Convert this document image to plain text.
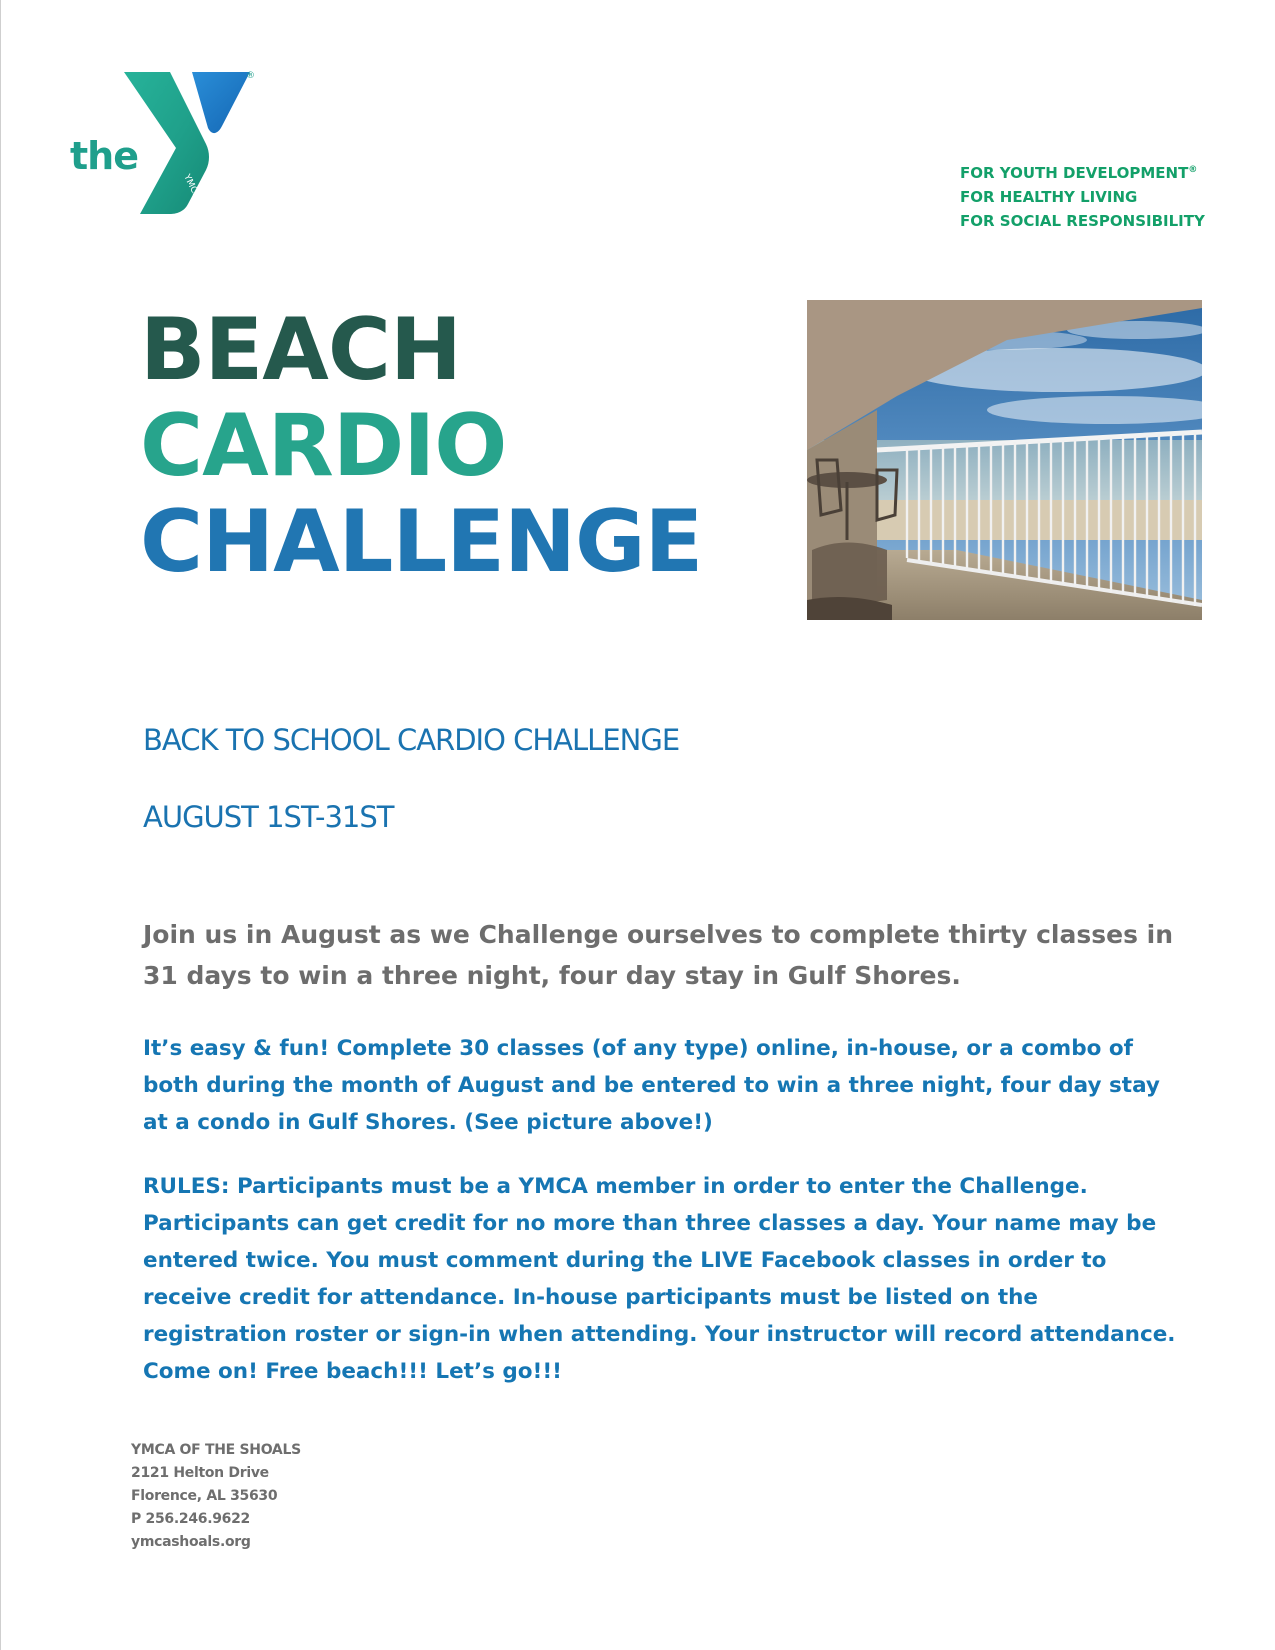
the
®
YMCA	FOR YOUTH DEVELOPMENT®
FOR HEALTHY LIVING
FOR SOCIAL RESPONSIBILITY
BEACH
CARDIO
CHALLENGE
BACK TO SCHOOL CARDIO CHALLENGE
AUGUST 1ST-31ST
Join us in August as we Challenge ourselves to complete thirty classes in 31 days to win a three night, four day stay in Gulf Shores.
It’s easy & fun! Complete 30 classes (of any type) online, in-house, or a combo of both during the month of August and be entered to win a three night, four day stay at a condo in Gulf Shores. (See picture above!)
RULES: Participants must be a YMCA member in order to enter the Challenge. Participants can get credit for no more than three classes a day. Your name may be entered twice. You must comment during the LIVE Facebook classes in order to receive credit for attendance. In-house participants must be listed on the registration roster or sign-in when attending. Your instructor will record attendance. Come on! Free beach!!! Let’s go!!!
YMCA OF THE SHOALS
2121 Helton Drive
Florence, AL 35630
P 256.246.9622
ymcashoals.org
